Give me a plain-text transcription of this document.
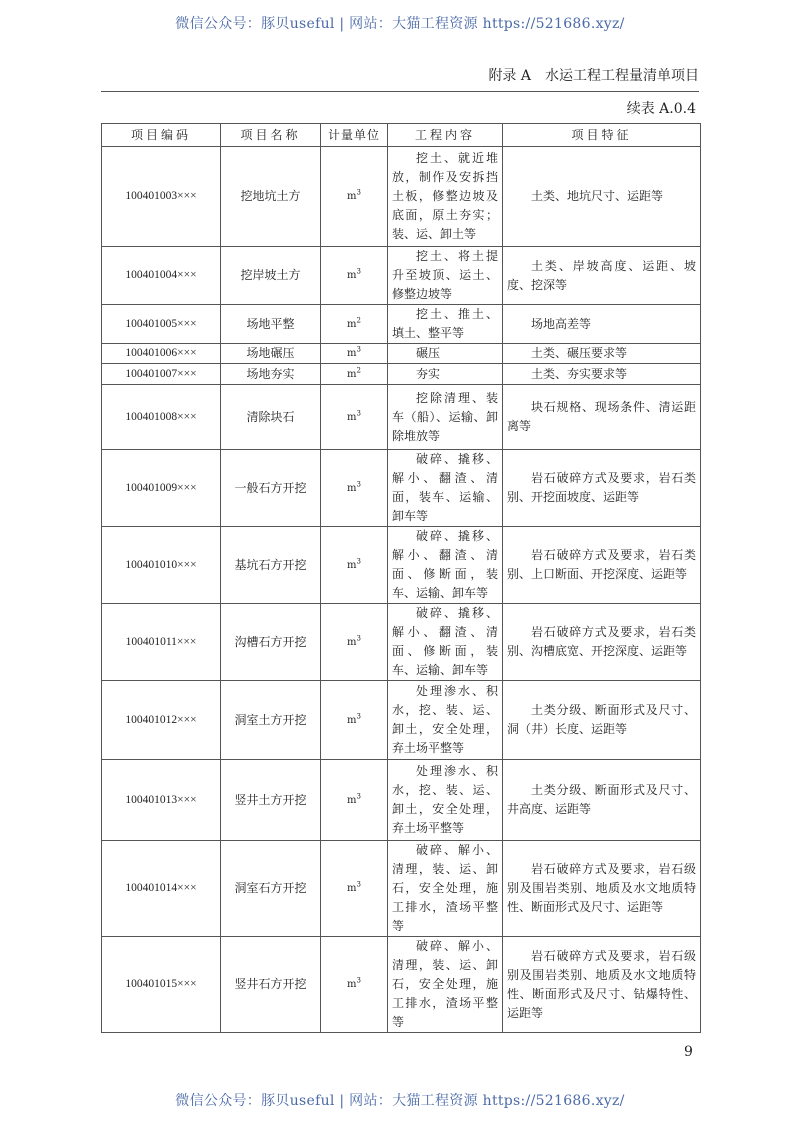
微信公众号：豚贝useful | 网站：大猫工程资源 https://521686.xyz/
附录 A　水运工程工程量清单项目
续表 A.0.4
项目编码	项目名称	计量单位	工程内容	项目特征
100401003×××	挖地坑土方	$m^3$	挖土、就近堆放，制作及安拆挡土板，修整边坡及底面，原土夯实；装、运、卸土等	土类、地坑尺寸、运距等
100401004×××	挖岸坡土方	$m^3$	挖土、将土提升至坡顶、运土、修整边坡等	土类、岸坡高度、运距、坡度、挖深等
100401005×××	场地平整	$m^2$	挖土、推土、填土、整平等	场地高差等
100401006×××	场地碾压	$m^3$	碾压	土类、碾压要求等
100401007×××	场地夯实	$m^2$	夯实	土类、夯实要求等
100401008×××	清除块石	$m^3$	挖除清理、装车（船）、运输、卸除堆放等	块石规格、现场条件、清运距离等
100401009×××	一般石方开挖	$m^3$	破碎、撬移、解小、翻渣、清面，装车、运输、卸车等	岩石破碎方式及要求，岩石类别、开挖面坡度、运距等
100401010×××	基坑石方开挖	$m^3$	破碎、撬移、解小、翻渣、清面、修断面，装车、运输、卸车等	岩石破碎方式及要求，岩石类别、上口断面、开挖深度、运距等
100401011×××	沟槽石方开挖	$m^3$	破碎、撬移、解小、翻渣、清面、修断面，装车、运输、卸车等	岩石破碎方式及要求，岩石类别、沟槽底宽、开挖深度、运距等
100401012×××	洞室土方开挖	$m^3$	处理渗水、积水，挖、装、运、卸土，安全处理，弃土场平整等	土类分级、断面形式及尺寸、洞（井）长度、运距等
100401013×××	竖井土方开挖	$m^3$	处理渗水、积水，挖、装、运、卸土，安全处理，弃土场平整等	土类分级、断面形式及尺寸、井高度、运距等
100401014×××	洞室石方开挖	$m^3$	破碎、解小、清理，装、运、卸石，安全处理，施工排水，渣场平整等	岩石破碎方式及要求，岩石级别及围岩类别、地质及水文地质特性、断面形式及尺寸、运距等
100401015×××	竖井石方开挖	$m^3$	破碎、解小、清理，装、运、卸石，安全处理，施工排水，渣场平整等	岩石破碎方式及要求，岩石级别及围岩类别、地质及水文地质特性、断面形式及尺寸、钻爆特性、运距等
9
微信公众号：豚贝useful | 网站：大猫工程资源 https://521686.xyz/
